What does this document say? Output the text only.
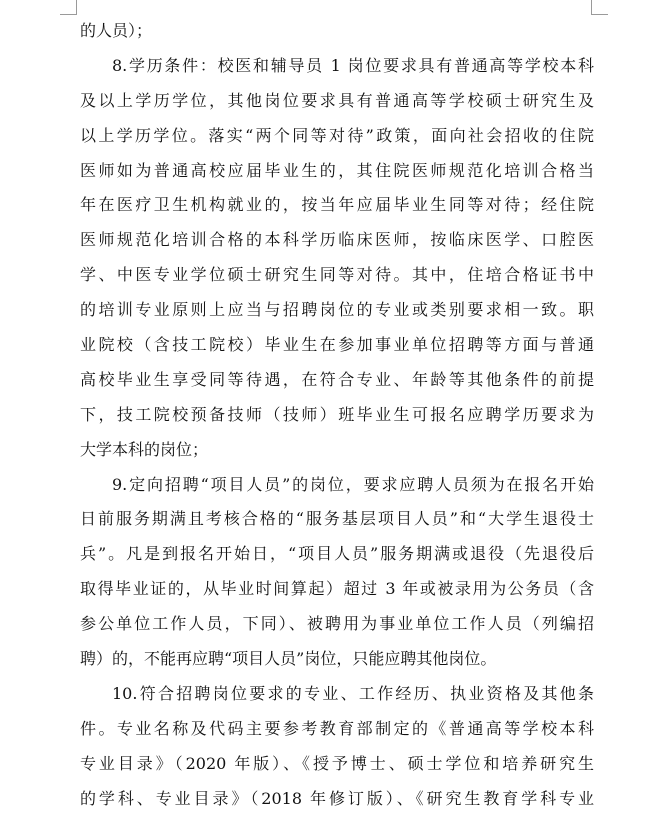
的人员）；
8.学历条件：校医和辅导员 1 岗位要求具有普通高等学校本科
及以上学历学位，其他岗位要求具有普通高等学校硕士研究生及
以上学历学位。落实“两个同等对待”政策，面向社会招收的住院
医师如为普通高校应届毕业生的，其住院医师规范化培训合格当
年在医疗卫生机构就业的，按当年应届毕业生同等对待；经住院
医师规范化培训合格的本科学历临床医师，按临床医学、口腔医
学、中医专业学位硕士研究生同等对待。其中，住培合格证书中
的培训专业原则上应当与招聘岗位的专业或类别要求相一致。职
业院校（含技工院校）毕业生在参加事业单位招聘等方面与普通
高校毕业生享受同等待遇，在符合专业、年龄等其他条件的前提
下，技工院校预备技师（技师）班毕业生可报名应聘学历要求为
大学本科的岗位；
9.定向招聘“项目人员”的岗位，要求应聘人员须为在报名开始
日前服务期满且考核合格的“服务基层项目人员”和“大学生退役士
兵”。凡是到报名开始日，“项目人员”服务期满或退役（先退役后
取得毕业证的，从毕业时间算起）超过 3 年或被录用为公务员（含
参公单位工作人员，下同）、被聘用为事业单位工作人员（列编招
聘）的，不能再应聘“项目人员”岗位，只能应聘其他岗位。
10.符合招聘岗位要求的专业、工作经历、执业资格及其他条
件。专业名称及代码主要参考教育部制定的《普通高等学校本科
专业目录》（2020 年版）、《授予博士、硕士学位和培养研究生
的学科、专业目录》（2018 年修订版）、《研究生教育学科专业
